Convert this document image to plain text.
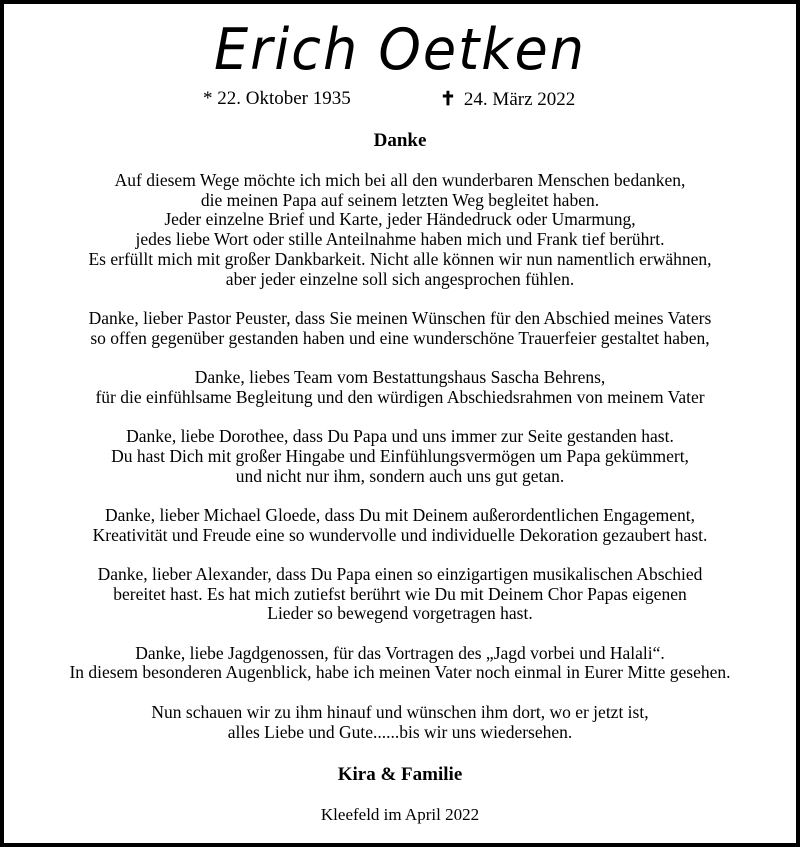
Erich Oetken
* 22. Oktober 1935	✝ 24. März 2022
Danke

Auf diesem Wege möchte ich mich bei all den wunderbaren Menschen bedanken,
die meinen Papa auf seinem letzten Weg begleitet haben.
Jeder einzelne Brief und Karte, jeder Händedruck oder Umarmung,
jedes liebe Wort oder stille Anteilnahme haben mich und Frank tief berührt.
Es erfüllt mich mit großer Dankbarkeit. Nicht alle können wir nun namentlich erwähnen,
aber jeder einzelne soll sich angesprochen fühlen.

Danke, lieber Pastor Peuster, dass Sie meinen Wünschen für den Abschied meines Vaters
so offen gegenüber gestanden haben und eine wunderschöne Trauerfeier gestaltet haben,

Danke, liebes Team vom Bestattungshaus Sascha Behrens,
für die einfühlsame Begleitung und den würdigen Abschiedsrahmen von meinem Vater

Danke, liebe Dorothee, dass Du Papa und uns immer zur Seite gestanden hast.
Du hast Dich mit großer Hingabe und Einfühlungsvermögen um Papa gekümmert,
und nicht nur ihm, sondern auch uns gut getan.

Danke, lieber Michael Gloede, dass Du mit Deinem außerordentlichen Engagement,
Kreativität und Freude eine so wundervolle und individuelle Dekoration gezaubert hast.

Danke, lieber Alexander, dass Du Papa einen so einzigartigen musikalischen Abschied
bereitet hast. Es hat mich zutiefst berührt wie Du mit Deinem Chor Papas eigenen
Lieder so bewegend vorgetragen hast.

Danke, liebe Jagdgenossen, für das Vortragen des „Jagd vorbei und Halali“.
In diesem besonderen Augenblick, habe ich meinen Vater noch einmal in Eurer Mitte gesehen.

Nun schauen wir zu ihm hinauf und wünschen ihm dort, wo er jetzt ist,
alles Liebe und Gute......bis wir uns wiedersehen.

Kira & Familie
Kleefeld im April 2022
